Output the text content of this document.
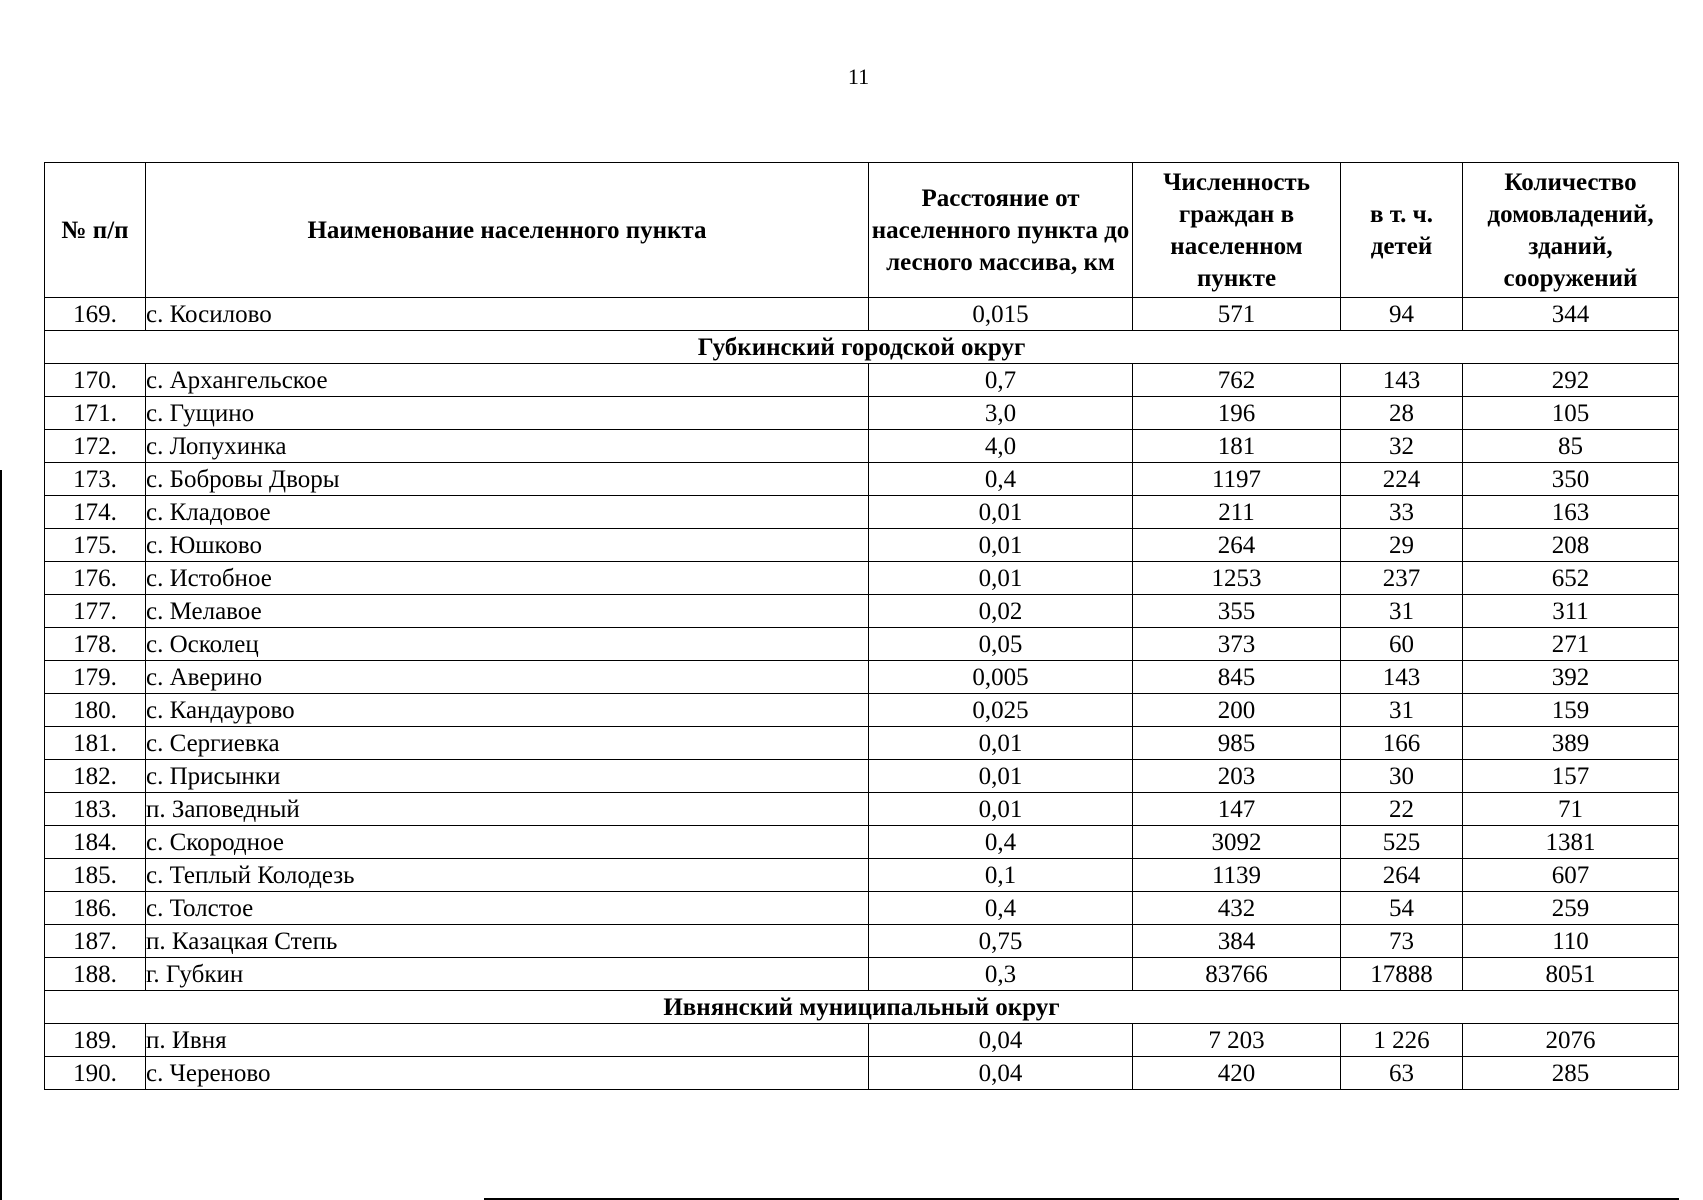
11
№ п/п	Наименование населенного пункта	Расстояние от населенного пункта до лесного массива, км	Численность граждан в населенном пункте	в т. ч. детей	Количество домовладений, зданий, сооружений
169.	с. Косилово	0,015	571	94	344
Губкинский городской округ					
170.	с. Архангельское	0,7	762	143	292
171.	с. Гущино	3,0	196	28	105
172.	с. Лопухинка	4,0	181	32	85
173.	с. Бобровы Дворы	0,4	1197	224	350
174.	с. Кладовое	0,01	211	33	163
175.	с. Юшково	0,01	264	29	208
176.	с. Истобное	0,01	1253	237	652
177.	с. Мелавое	0,02	355	31	311
178.	с. Осколец	0,05	373	60	271
179.	с. Аверино	0,005	845	143	392
180.	с. Кандаурово	0,025	200	31	159
181.	с. Сергиевка	0,01	985	166	389
182.	с. Присынки	0,01	203	30	157
183.	п. Заповедный	0,01	147	22	71
184.	с. Скородное	0,4	3092	525	1381
185.	с. Теплый Колодезь	0,1	1139	264	607
186.	с. Толстое	0,4	432	54	259
187.	п. Казацкая Степь	0,75	384	73	110
188.	г. Губкин	0,3	83766	17888	8051
Ивнянский муниципальный округ					
189.	п. Ивня	0,04	7 203	1 226	2076
190.	с. Череново	0,04	420	63	285
